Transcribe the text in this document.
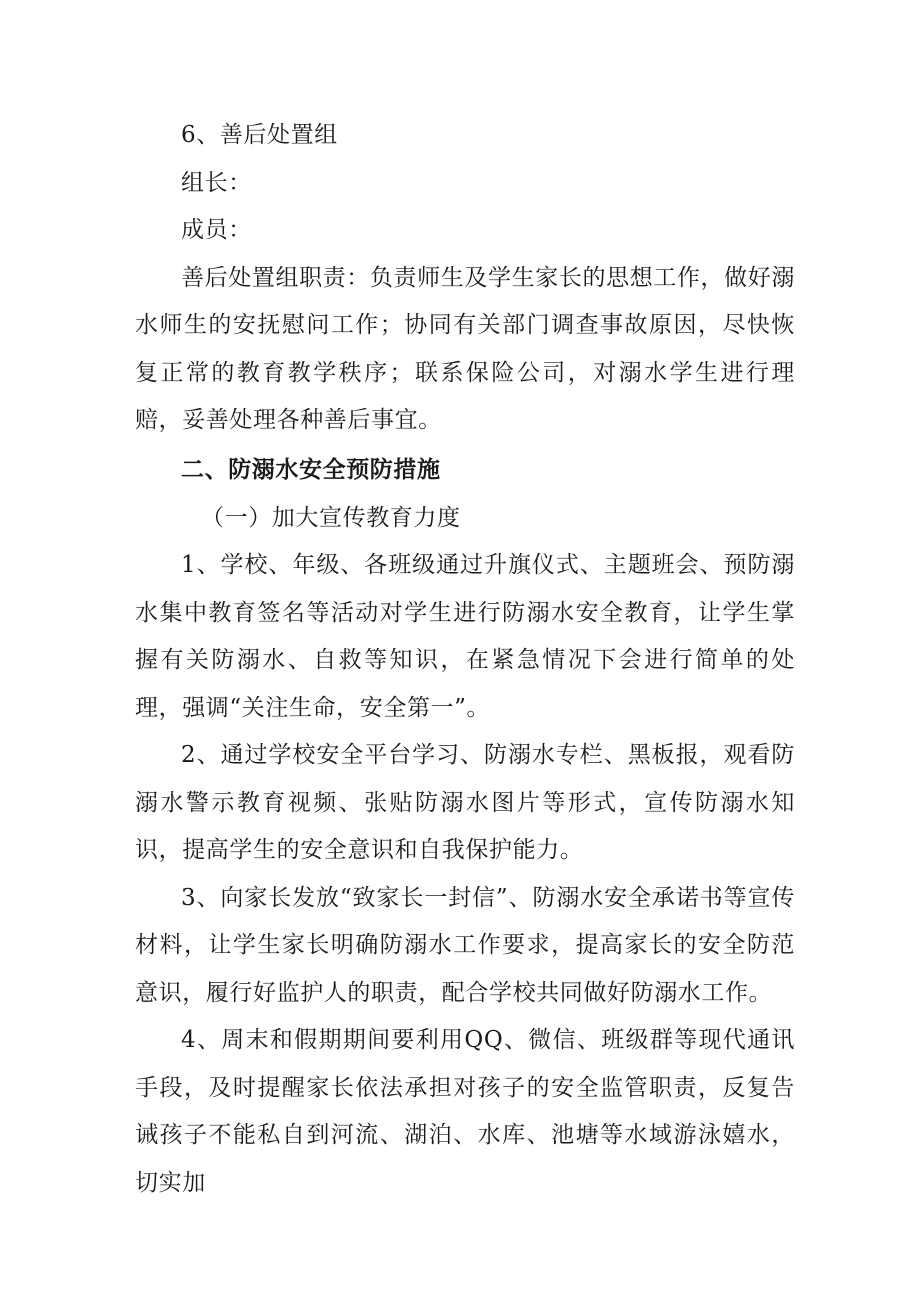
6、善后处置组

组长：

成员：

善后处置组职责：负责师生及学生家长的思想工作，做好溺水师生的安抚慰问工作；协同有关部门调查事故原因，尽快恢复正常的教育教学秩序；联系保险公司，对溺水学生进行理赔，妥善处理各种善后事宜。

二、防溺水安全预防措施

（一）加大宣传教育力度

1、学校、年级、各班级通过升旗仪式、主题班会、预防溺水集中教育签名等活动对学生进行防溺水安全教育，让学生掌握有关防溺水、自救等知识，在紧急情况下会进行简单的处理，强调“关注生命，安全第一”。

2、通过学校安全平台学习、防溺水专栏、黑板报，观看防溺水警示教育视频、张贴防溺水图片等形式，宣传防溺水知识，提高学生的安全意识和自我保护能力。

3、向家长发放“致家长一封信”、防溺水安全承诺书等宣传材料，让学生家长明确防溺水工作要求，提高家长的安全防范意识，履行好监护人的职责，配合学校共同做好防溺水工作。

4、周末和假期期间要利用QQ、微信、班级群等现代通讯手段，及时提醒家长依法承担对孩子的安全监管职责，反复告诫孩子不能私自到河流、湖泊、水库、池塘等水域游泳嬉水，切实加
